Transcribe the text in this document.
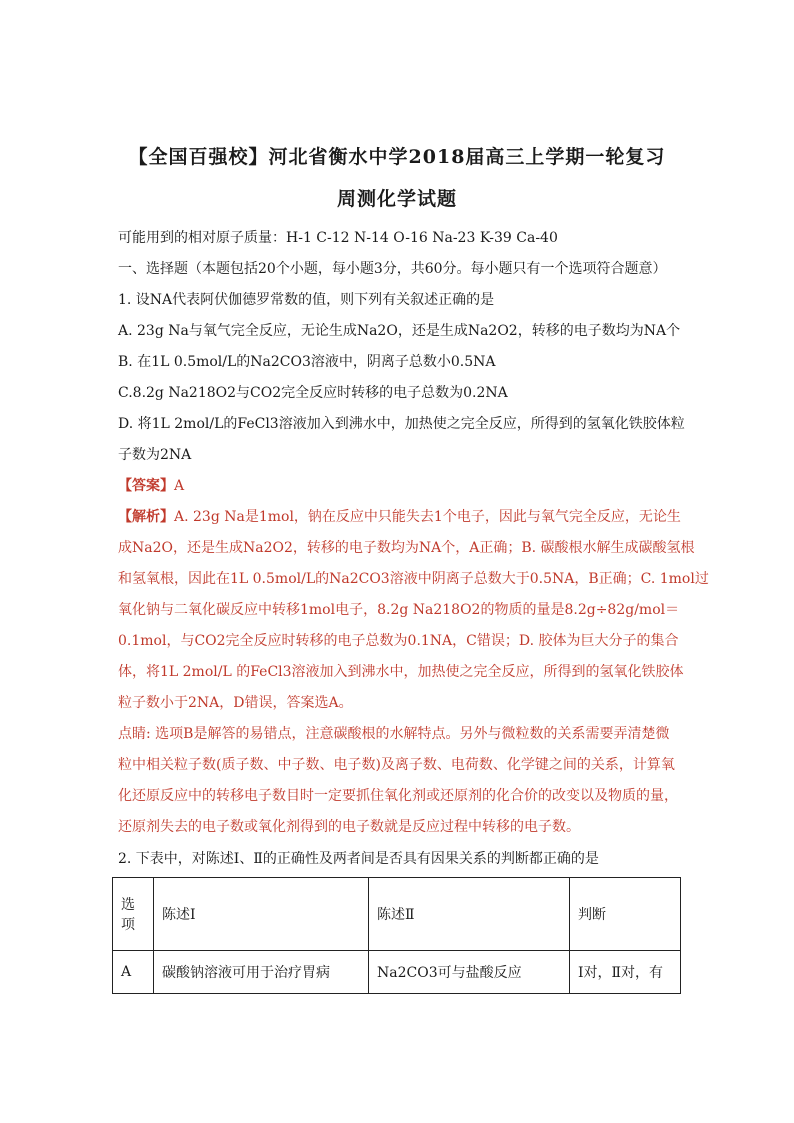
【全国百强校】河北省衡水中学2018届高三上学期一轮复习
周测化学试题
可能用到的相对原子质量：H-1 C-12 N-14 O-16 Na-23 K-39 Ca-40
一、选择题（本题包括20个小题，每小题3分，共60分。每小题只有一个选项符合题意）
1. 设NA代表阿伏伽德罗常数的值，则下列有关叙述正确的是
A. 23g Na与氧气完全反应，无论生成Na2O，还是生成Na2O2，转移的电子数均为NA个
B. 在1L 0.5mol/L的Na2CO3溶液中，阴离子总数小0.5NA
C.8.2g Na218O2与CO2完全反应时转移的电子总数为0.2NA
D. 将1L 2mol/L的FeCl3溶液加入到沸水中，加热使之完全反应，所得到的氢氧化铁胶体粒
子数为2NA
【答案】A
【解析】A. 23g Na是1mol，钠在反应中只能失去1个电子，因此与氧气完全反应，无论生
成Na2O，还是生成Na2O2，转移的电子数均为NA个，A正确；B. 碳酸根水解生成碳酸氢根
和氢氧根，因此在1L 0.5mol/L的Na2CO3溶液中阴离子总数大于0.5NA，B正确；C. 1mol过
氧化钠与二氧化碳反应中转移1mol电子，8.2g Na218O2的物质的量是8.2g÷82g/mol＝
0.1mol，与CO2完全反应时转移的电子总数为0.1NA，C错误；D. 胶体为巨大分子的集合
体，将1L 2mol/L 的FeCl3溶液加入到沸水中，加热使之完全反应，所得到的氢氧化铁胶体
粒子数小于2NA，D错误，答案选A。
点睛: 选项B是解答的易错点，注意碳酸根的水解特点。另外与微粒数的关系需要弄清楚微
粒中相关粒子数(质子数、中子数、电子数)及离子数、电荷数、化学键之间的关系，计算氧
化还原反应中的转移电子数目时一定要抓住氧化剂或还原剂的化合价的改变以及物质的量，
还原剂失去的电子数或氧化剂得到的电子数就是反应过程中转移的电子数。
2. 下表中，对陈述Ⅰ、Ⅱ的正确性及两者间是否具有因果关系的判断都正确的是
选项	陈述Ⅰ	陈述Ⅱ	判断
A	碳酸钠溶液可用于治疗胃病	Na2CO3可与盐酸反应	Ⅰ对，Ⅱ对，有
